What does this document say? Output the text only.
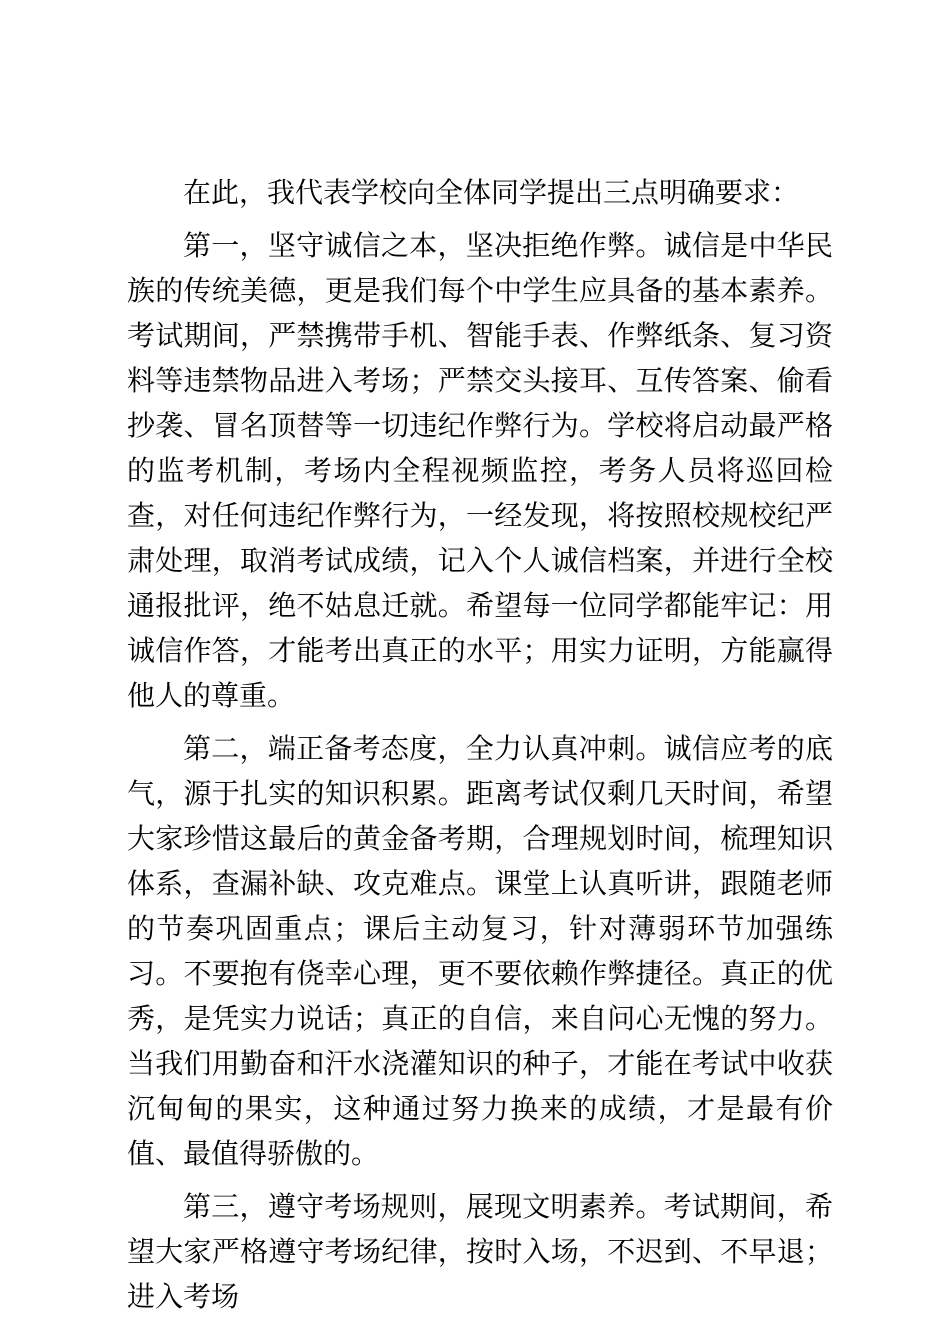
在此，我代表学校向全体同学提出三点明确要求：

第一，坚守诚信之本，坚决拒绝作弊。诚信是中华民族的传统美德，更是我们每个中学生应具备的基本素养。考试期间，严禁携带手机、智能手表、作弊纸条、复习资料等违禁物品进入考场；严禁交头接耳、互传答案、偷看抄袭、冒名顶替等一切违纪作弊行为。学校将启动最严格的监考机制，考场内全程视频监控，考务人员将巡回检查，对任何违纪作弊行为，一经发现，将按照校规校纪严肃处理，取消考试成绩，记入个人诚信档案，并进行全校通报批评，绝不姑息迁就。希望每一位同学都能牢记：用诚信作答，才能考出真正的水平；用实力证明，方能赢得他人的尊重。

第二，端正备考态度，全力认真冲刺。诚信应考的底气，源于扎实的知识积累。距离考试仅剩几天时间，希望大家珍惜这最后的黄金备考期，合理规划时间，梳理知识体系，查漏补缺、攻克难点。课堂上认真听讲，跟随老师的节奏巩固重点；课后主动复习，针对薄弱环节加强练习。不要抱有侥幸心理，更不要依赖作弊捷径。真正的优秀，是凭实力说话；真正的自信，来自问心无愧的努力。当我们用勤奋和汗水浇灌知识的种子，才能在考试中收获沉甸甸的果实，这种通过努力换来的成绩，才是最有价值、最值得骄傲的。

第三，遵守考场规则，展现文明素养。考试期间，希望大家严格遵守考场纪律，按时入场，不迟到、不早退；进入考场
